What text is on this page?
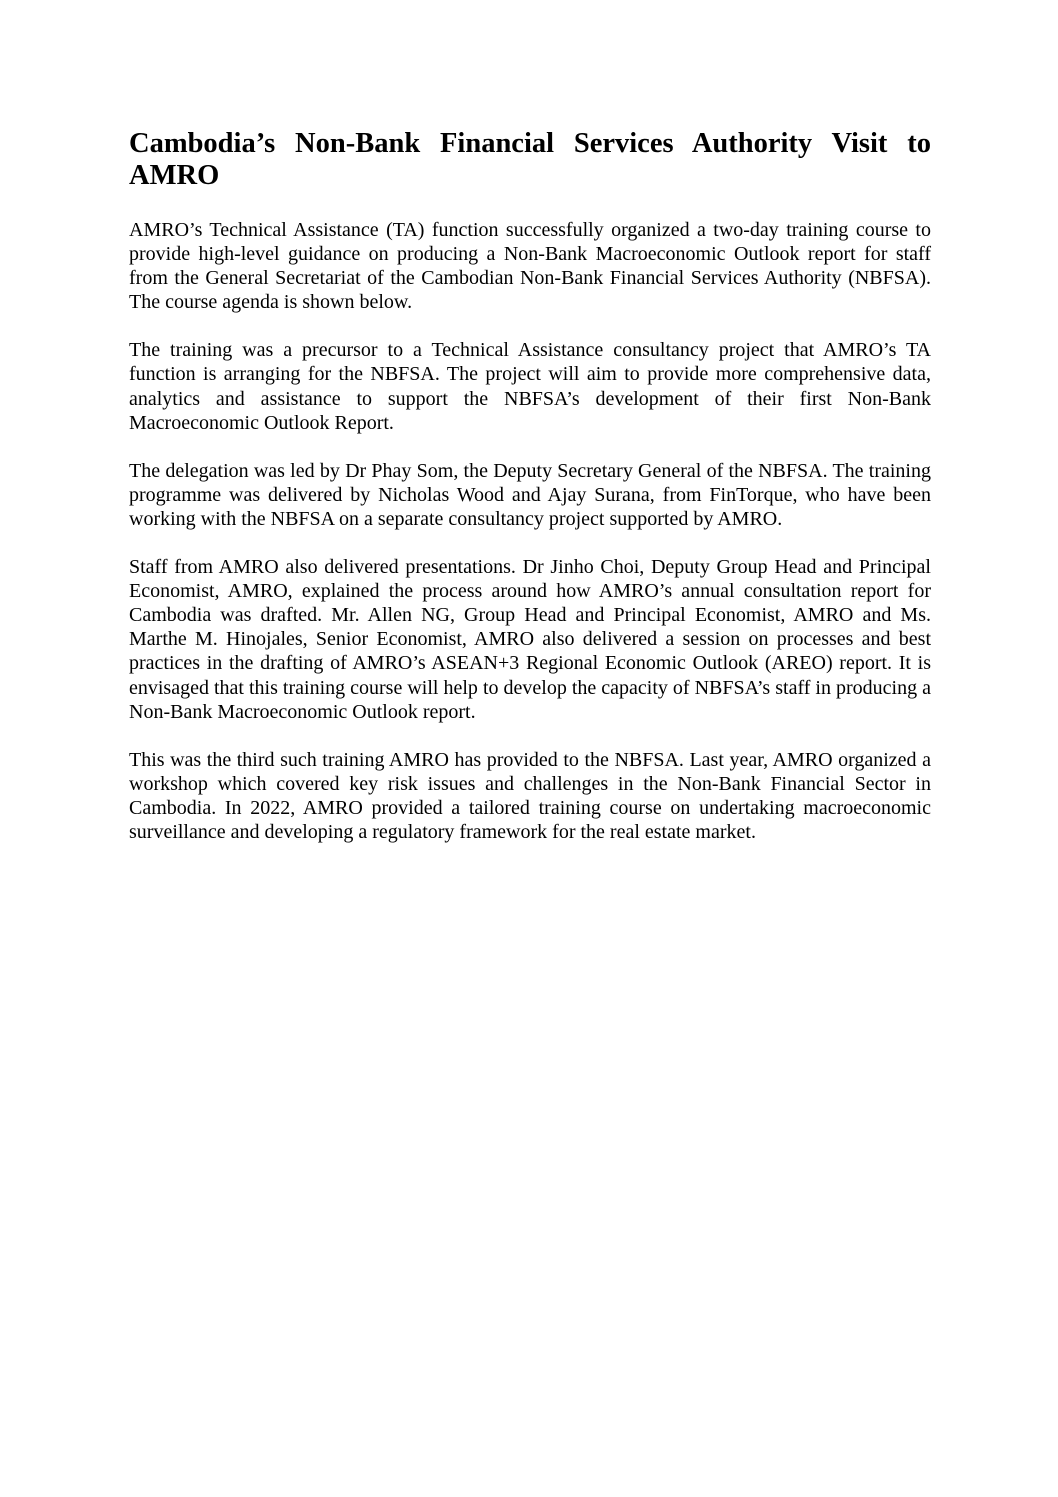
Cambodia’s Non-Bank Financial Services Authority Visit to AMRO

AMRO’s Technical Assistance (TA) function successfully organized a two-day training course to provide high-level guidance on producing a Non-Bank Macroeconomic Outlook report for staff from the General Secretariat of the Cambodian Non-Bank Financial Services Authority (NBFSA). The course agenda is shown below.

The training was a precursor to a Technical Assistance consultancy project that AMRO’s TA function is arranging for the NBFSA. The project will aim to provide more comprehensive data, analytics and assistance to support the NBFSA’s development of their first Non-Bank Macroeconomic Outlook Report.

The delegation was led by Dr Phay Som, the Deputy Secretary General of the NBFSA. The training programme was delivered by Nicholas Wood and Ajay Surana, from FinTorque, who have been working with the NBFSA on a separate consultancy project supported by AMRO.

Staff from AMRO also delivered presentations. Dr Jinho Choi, Deputy Group Head and Principal Economist, AMRO, explained the process around how AMRO’s annual consultation report for Cambodia was drafted. Mr. Allen NG, Group Head and Principal Economist, AMRO and Ms. Marthe M. Hinojales, Senior Economist, AMRO also delivered a session on processes and best practices in the drafting of AMRO’s ASEAN+3 Regional Economic Outlook (AREO) report. It is envisaged that this training course will help to develop the capacity of NBFSA’s staff in producing a Non-Bank Macroeconomic Outlook report.

This was the third such training AMRO has provided to the NBFSA. Last year, AMRO organized a workshop which covered key risk issues and challenges in the Non-Bank Financial Sector in Cambodia. In 2022, AMRO provided a tailored training course on undertaking macroeconomic surveillance and developing a regulatory framework for the real estate market.
